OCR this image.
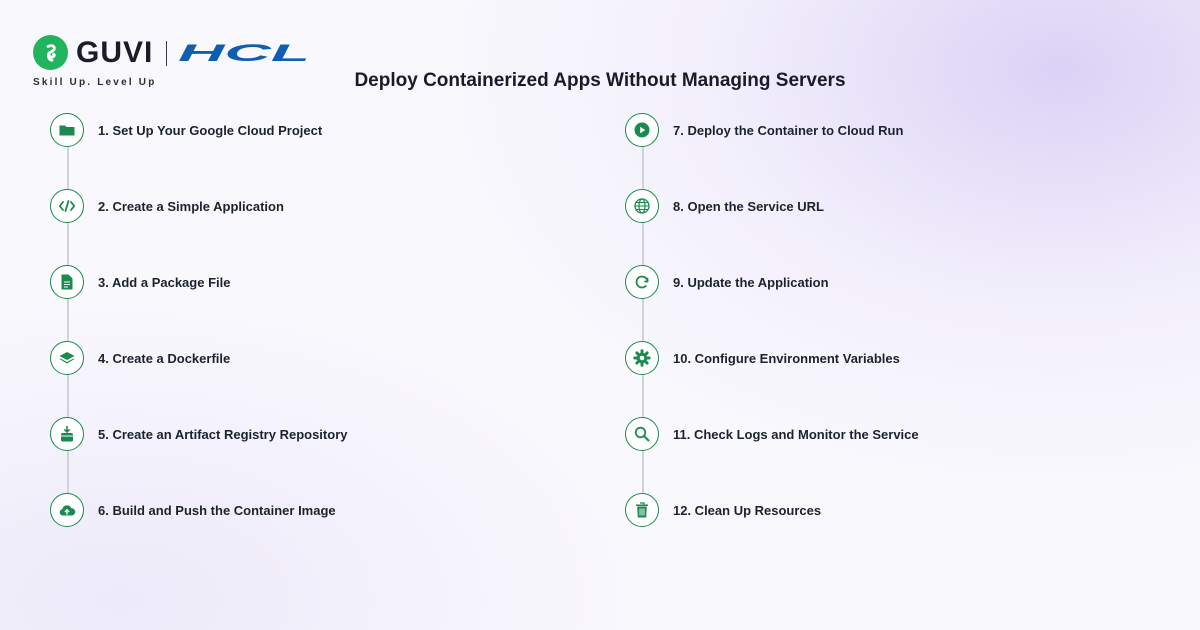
GUVI HCL
Skill Up. Level Up	Deploy Containerized Apps Without Managing Servers
1. Set Up Your Google Cloud Project
2. Create a Simple Application
3. Add a Package File
4. Create a Dockerfile
5. Create an Artifact Registry Repository
6. Build and Push the Container Image
7. Deploy the Container to Cloud Run
8. Open the Service URL
9. Update the Application
10. Configure Environment Variables
11. Check Logs and Monitor the Service
12. Clean Up Resources
